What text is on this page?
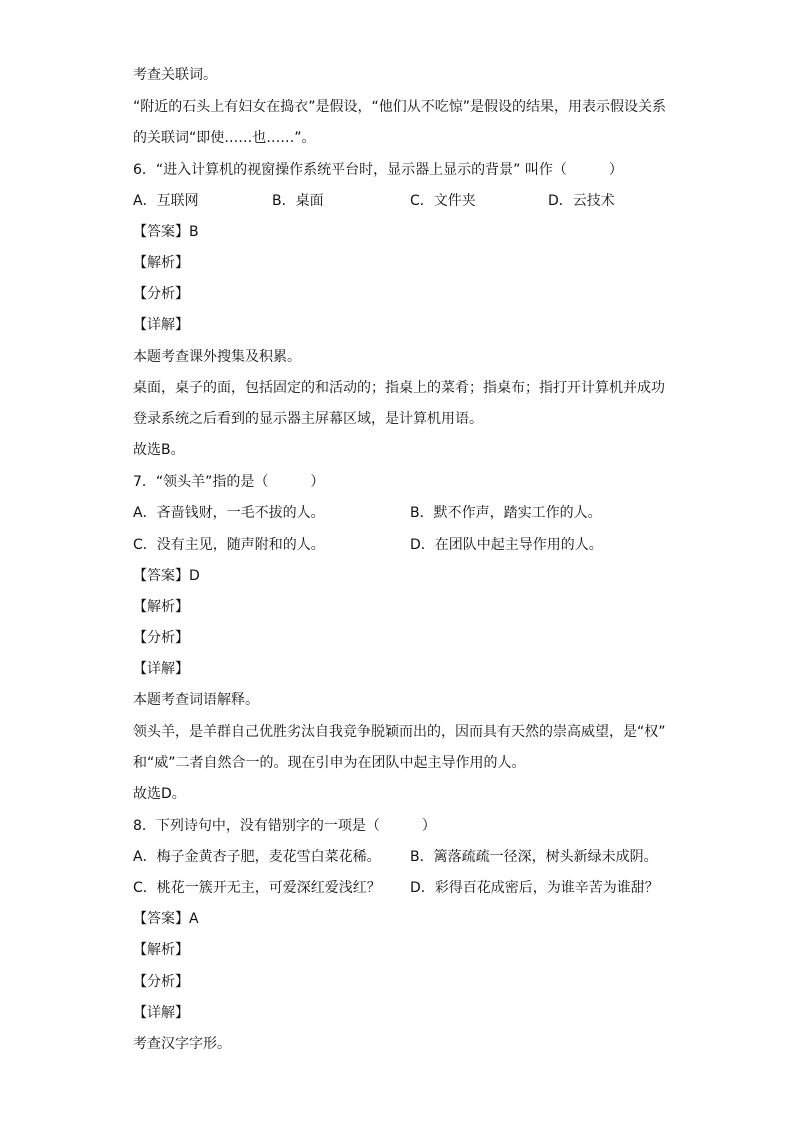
考查关联词。
“附近的石头上有妇女在捣衣”是假设，“他们从不吃惊”是假设的结果，用表示假设关系
的关联词“即使……也……”。
6．“进入计算机的视窗操作系统平台时，显示器上显示的背景” 叫作（　　　）
A．互联网	B．桌面	C．文件夹	D．云技术
【答案】B
【解析】
【分析】
【详解】
本题考查课外搜集及积累。
桌面，桌子的面，包括固定的和活动的；指桌上的菜肴；指桌布；指打开计算机并成功
登录系统之后看到的显示器主屏幕区域，是计算机用语。
故选B。
7．“领头羊”指的是（　　　）
A．吝啬钱财，一毛不拔的人。	B．默不作声，踏实工作的人。
C．没有主见，随声附和的人。	D．在团队中起主导作用的人。
【答案】D
【解析】
【分析】
【详解】
本题考查词语解释。
领头羊，是羊群自己优胜劣汰自我竞争脱颖而出的，因而具有天然的崇高威望，是“权”
和“威”二者自然合一的。现在引申为在团队中起主导作用的人。
故选D。
8．下列诗句中，没有错别字的一项是（　　　）
A．梅子金黄杏子肥，麦花雪白菜花稀。 B．篱落疏疏一径深，树头新绿未成阴。
C．桃花一簇开无主，可爱深红爱浅红？ D．彩得百花成密后，为谁辛苦为谁甜？
【答案】A
【解析】
【分析】
【详解】
考查汉字字形。
